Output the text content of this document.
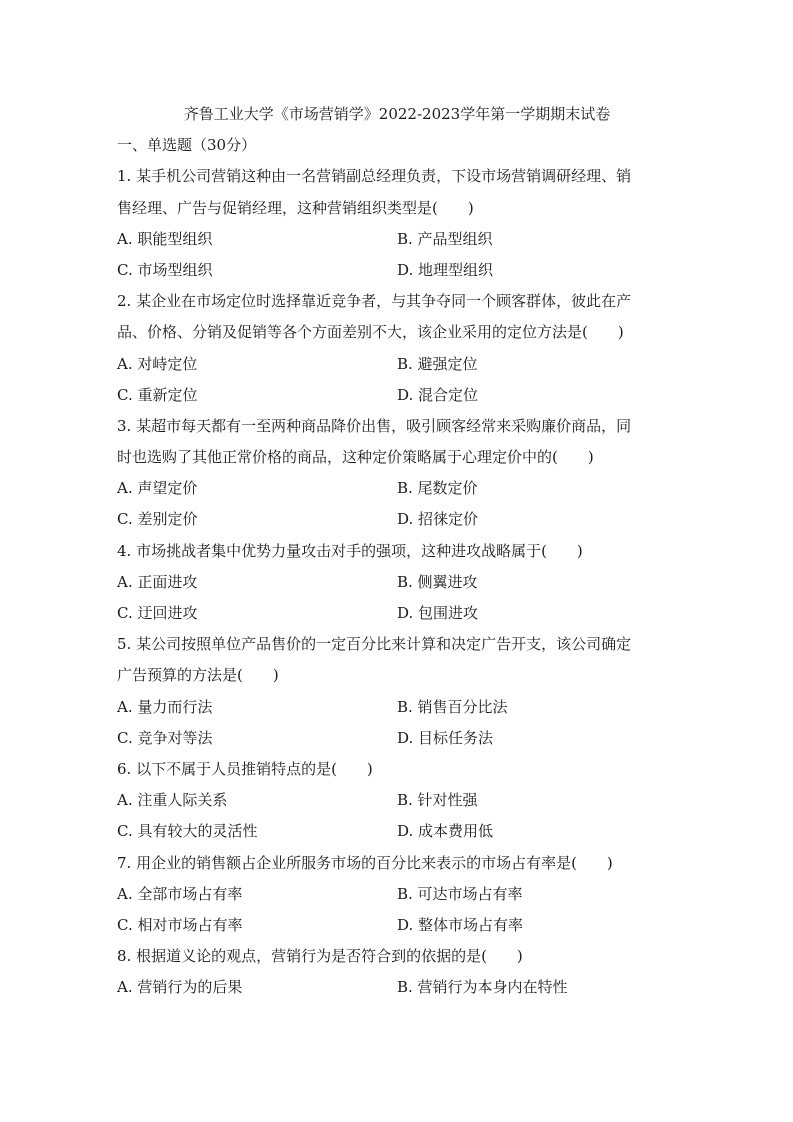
齐鲁工业大学《市场营销学》2022-2023学年第一学期期末试卷
一、单选题（30分）
1. 某手机公司营销这种由一名营销副总经理负责，下设市场营销调研经理、销
售经理、广告与促销经理，这种营销组织类型是(　　)
A. 职能型组织	B. 产品型组织
C. 市场型组织	D. 地理型组织
2. 某企业在市场定位时选择靠近竞争者，与其争夺同一个顾客群体，彼此在产
品、价格、分销及促销等各个方面差别不大，该企业采用的定位方法是(　　)
A. 对峙定位	B. 避强定位
C. 重新定位	D. 混合定位
3. 某超市每天都有一至两种商品降价出售，吸引顾客经常来采购廉价商品，同
时也选购了其他正常价格的商品，这种定价策略属于心理定价中的(　　)
A. 声望定价	B. 尾数定价
C. 差别定价	D. 招徕定价
4. 市场挑战者集中优势力量攻击对手的强项，这种进攻战略属于(　　)
A. 正面进攻	B. 侧翼进攻
C. 迂回进攻	D. 包围进攻
5. 某公司按照单位产品售价的一定百分比来计算和决定广告开支，该公司确定
广告预算的方法是(　　)
A. 量力而行法	B. 销售百分比法
C. 竞争对等法	D. 目标任务法
6. 以下不属于人员推销特点的是(　　)
A. 注重人际关系	B. 针对性强
C. 具有较大的灵活性	D. 成本费用低
7. 用企业的销售额占企业所服务市场的百分比来表示的市场占有率是(　　)
A. 全部市场占有率	B. 可达市场占有率
C. 相对市场占有率	D. 整体市场占有率
8. 根据道义论的观点，营销行为是否符合到的依据的是(　　)
A. 营销行为的后果	B. 营销行为本身内在特性
